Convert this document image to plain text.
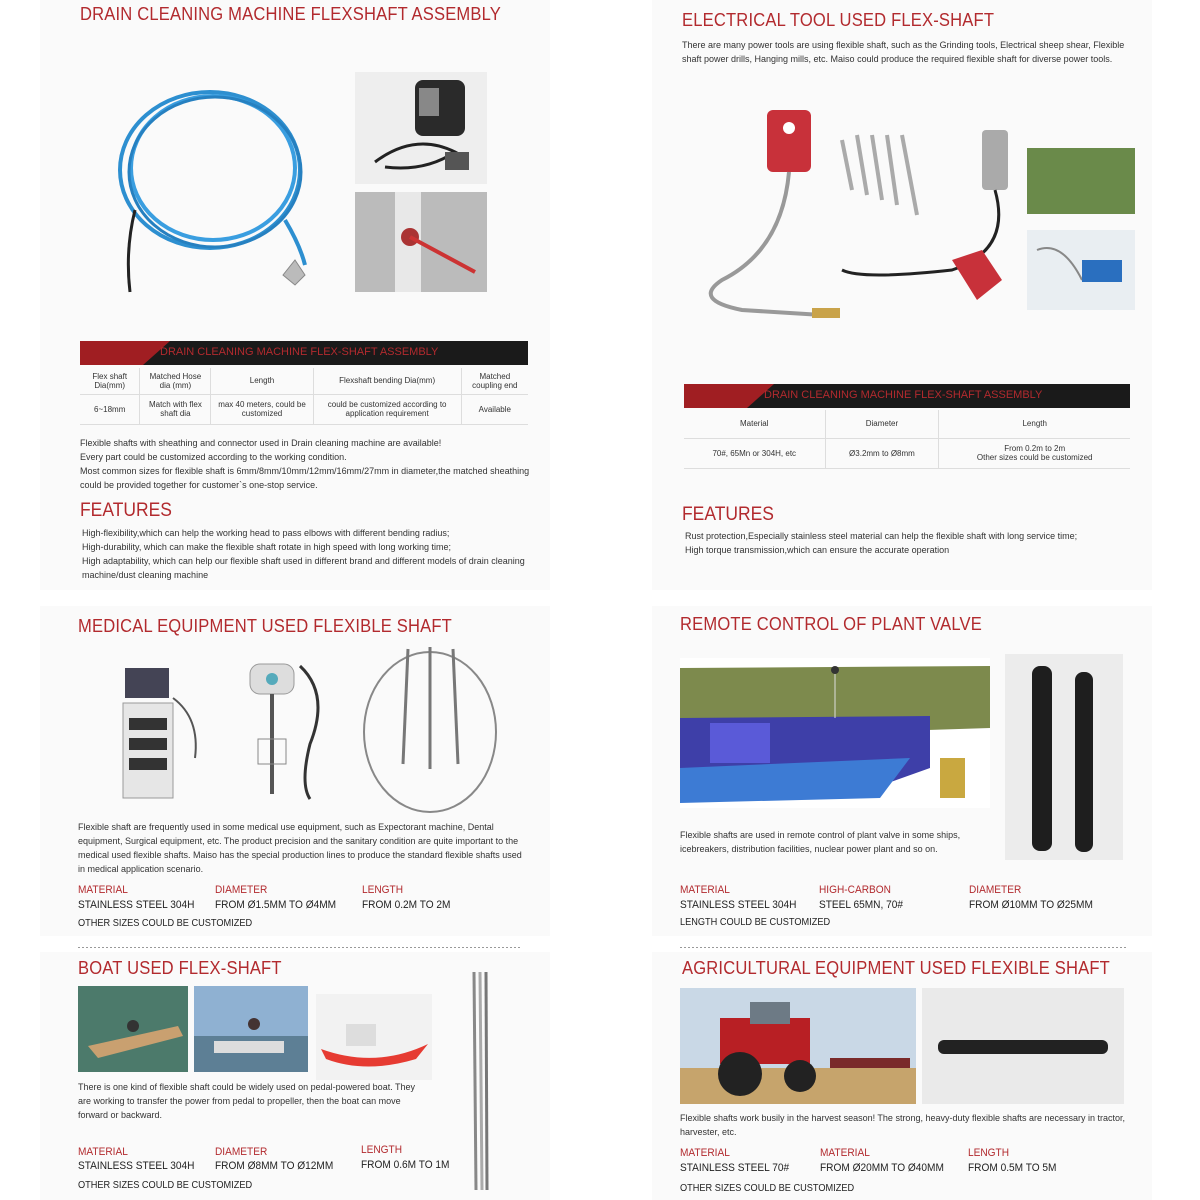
DRAIN CLEANING MACHINE FLEXSHAFT ASSEMBLY
DRAIN CLEANING MACHINE FLEX-SHAFT ASSEMBLY
Flex shaft Dia(mm)	Matched Hose dia (mm)	Length	Flexshaft bending Dia(mm)	Matched coupling end
6~18mm	Match with flex shaft dia	max 40 meters, could be customized	could be customized according to application requirement	Available

Flexible shafts with sheathing and connector used in Drain cleaning machine are available!

Every part could be customized according to the working condition.

Most common sizes for flexible shaft is 6mm/8mm/10mm/12mm/16mm/27mm in diameter,the matched sheathing could be provided together for customer`s one-stop service.

FEATURES

High-flexibility,which can help the working head to pass elbows with different bending radius;

High-durability, which can make the flexible shaft rotate in high speed with long working time;

High adaptability, which can help our flexible shaft used in different brand and different models of drain cleaning machine/dust cleaning machine

ELECTRICAL TOOL USED FLEX-SHAFT
There are many power tools are using flexible shaft, such as the Grinding tools, Electrical sheep shear, Flexible shaft power drills, Hanging mills, etc. Maiso could produce the required flexible shaft for diverse power tools.
DRAIN CLEANING MACHINE FLEX-SHAFT ASSEMBLY
Material	Diameter	Length
70#, 65Mn or 304H, etc	Ø3.2mm to Ø8mm	From 0.2m to 2m
Other sizes could be customized
FEATURES

Rust protection,Especially stainless steel material can help the flexible shaft with long service time;

High torque transmission,which can ensure the accurate operation

MEDICAL EQUIPMENT USED FLEXIBLE SHAFT
Flexible shaft are frequently used in some medical use equipment, such as Expectorant machine, Dental equipment, Surgical equipment, etc. The product precision and the sanitary condition are quite important to the medical used flexible shafts. Maiso has the special production lines to produce the standard flexible shafts used in medical application scenario.
MATERIAL
STAINLESS STEEL 304H
DIAMETER
FROM Ø1.5MM TO Ø4MM
LENGTH
FROM 0.2M TO 2M
OTHER SIZES COULD BE CUSTOMIZED
REMOTE CONTROL OF PLANT VALVE
Flexible shafts are used in remote control of plant valve in some ships, icebreakers, distribution facilities, nuclear power plant and so on.
MATERIAL
STAINLESS STEEL 304H
HIGH-CARBON
STEEL 65MN, 70#
DIAMETER
FROM Ø10MM TO Ø25MM
LENGTH COULD BE CUSTOMIZED
BOAT USED FLEX-SHAFT
There is one kind of flexible shaft could be widely used on pedal-powered boat. They are working to transfer the power from pedal to propeller, then the boat can move forward or backward.
MATERIAL
STAINLESS STEEL 304H
DIAMETER
FROM Ø8MM TO Ø12MM
LENGTH
FROM 0.6M TO 1M
OTHER SIZES COULD BE CUSTOMIZED
AGRICULTURAL EQUIPMENT USED FLEXIBLE SHAFT
Flexible shafts work busily in the harvest season! The strong, heavy-duty flexible shafts are necessary in tractor, harvester, etc.
MATERIAL
STAINLESS STEEL 70#
MATERIAL
FROM Ø20MM TO Ø40MM
LENGTH
FROM 0.5M TO 5M
OTHER SIZES COULD BE CUSTOMIZED
